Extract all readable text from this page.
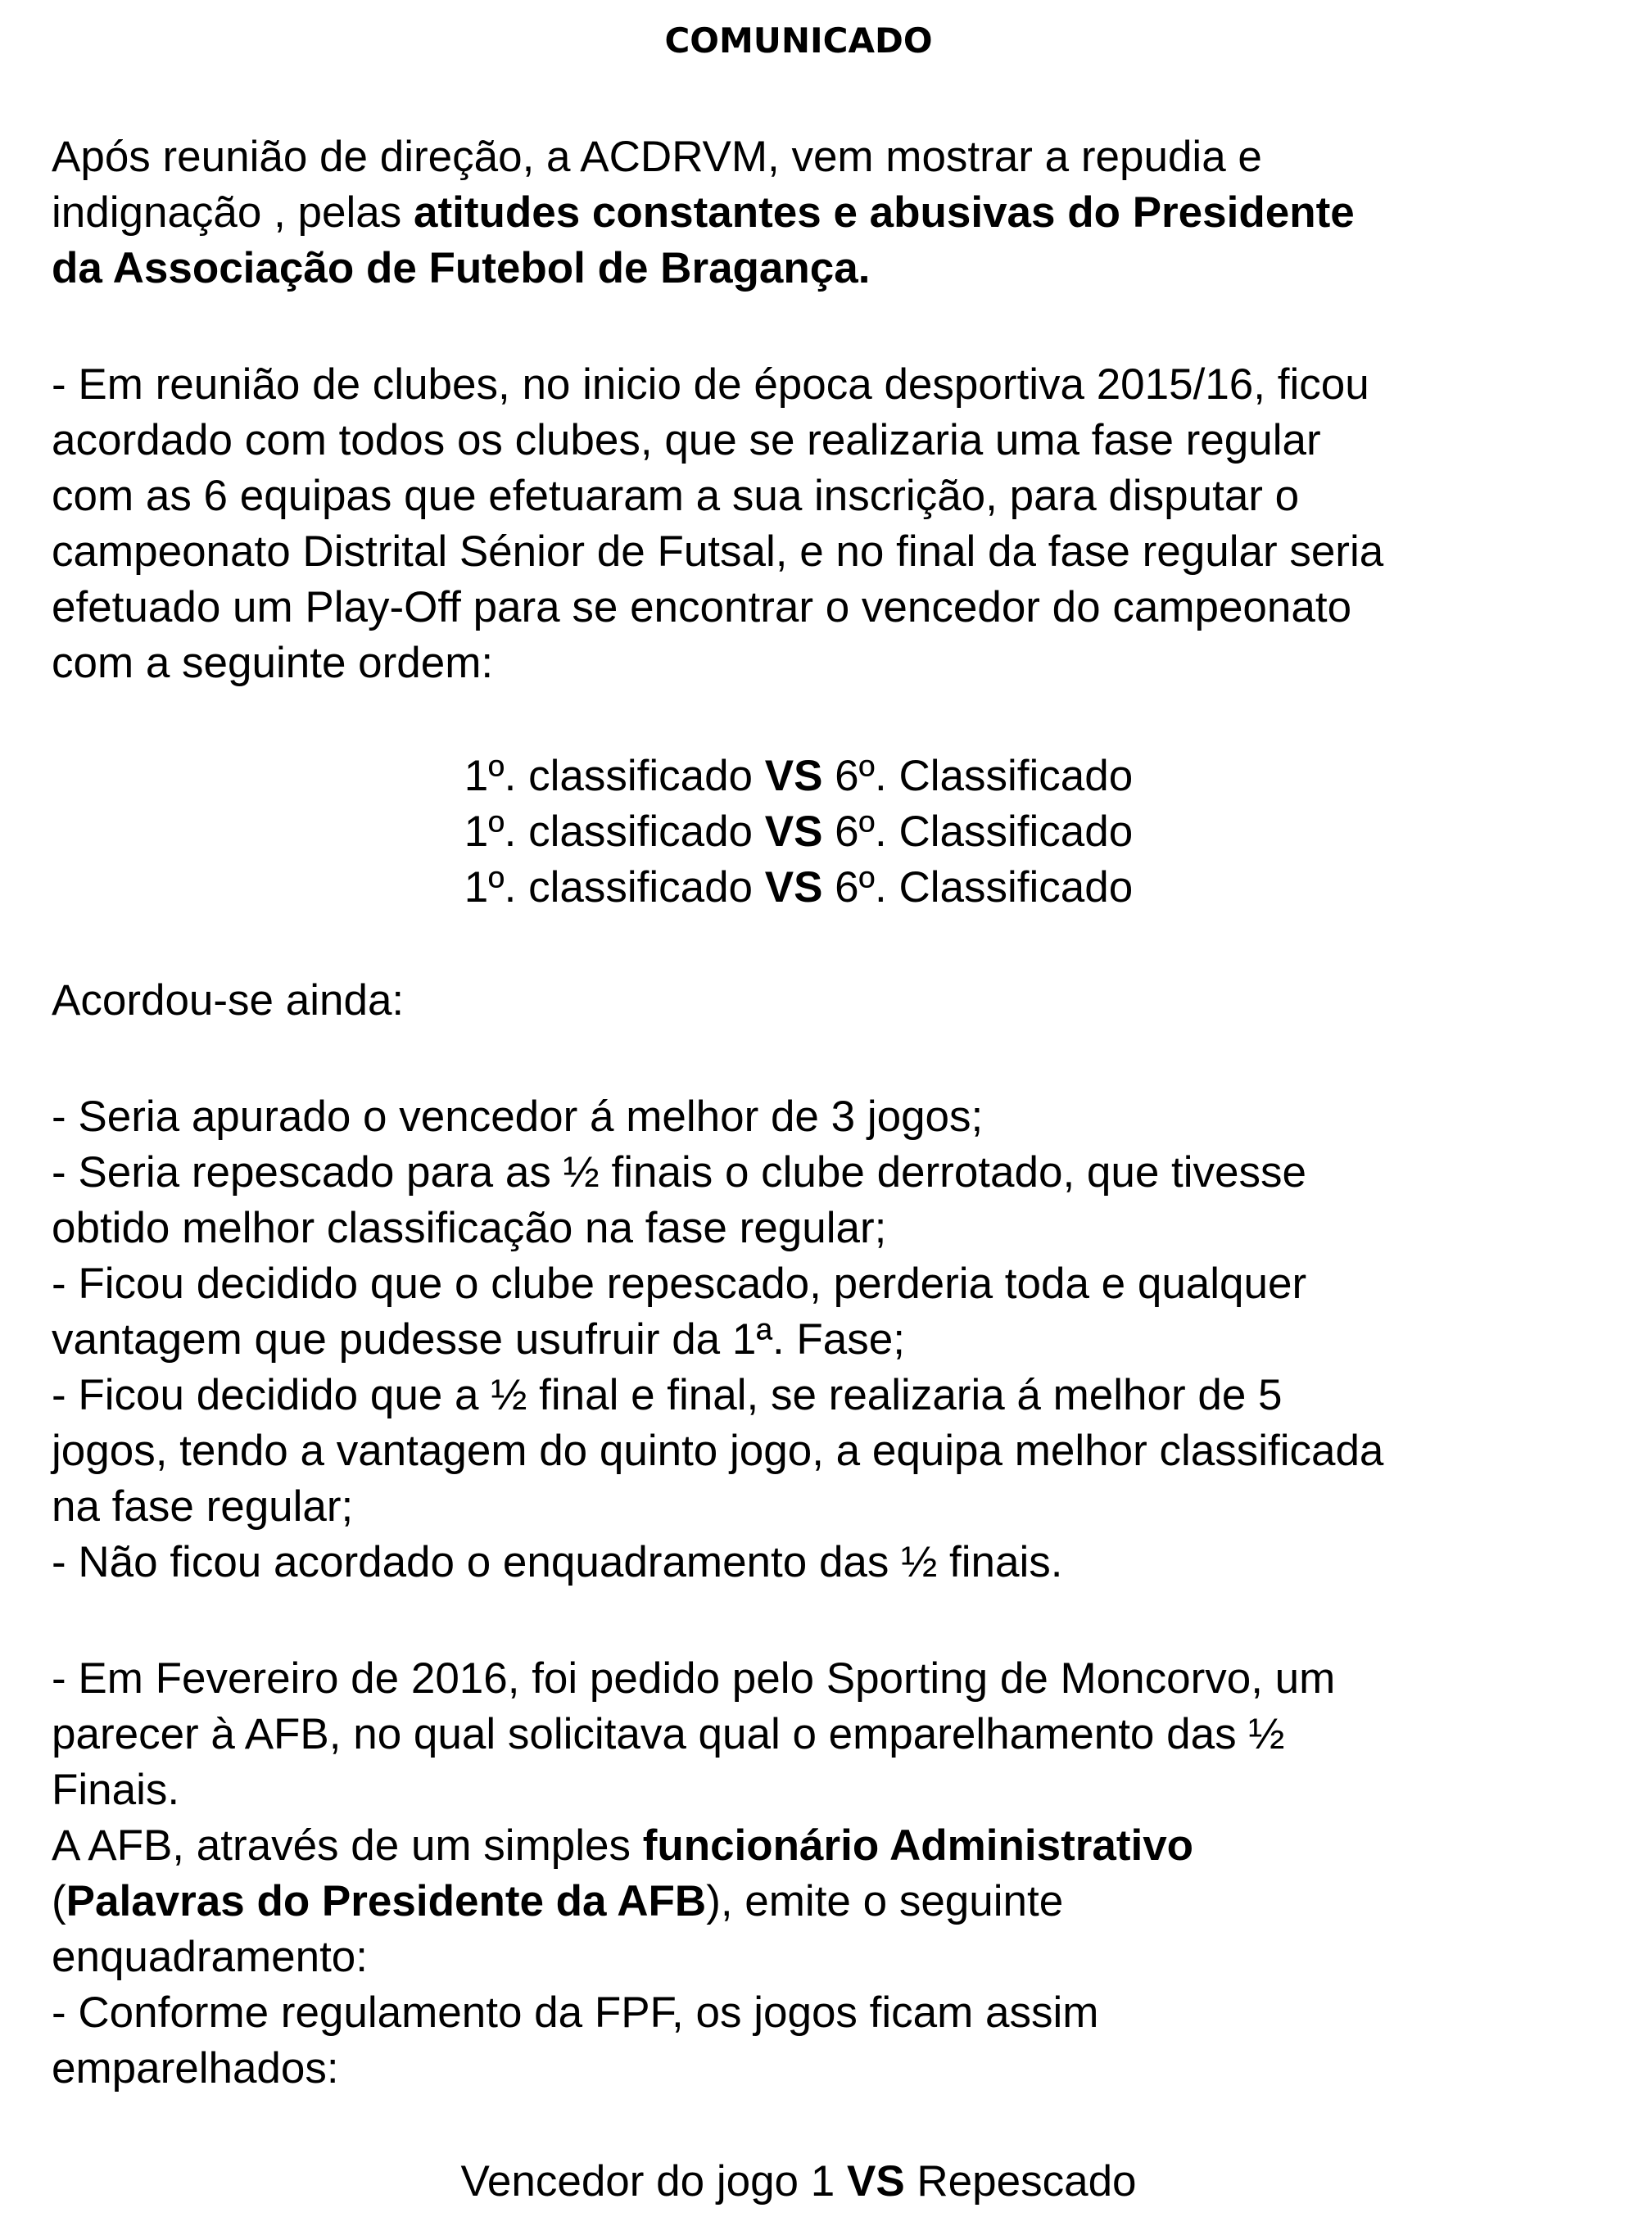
COMUNICADO
Após reunião de direção, a ACDRVM, vem mostrar a repudia e
indignação , pelas atitudes constantes e abusivas do Presidente
da Associação de Futebol de Bragança.
- Em reunião de clubes, no inicio de época desportiva 2015/16, ficou
acordado com todos os clubes, que se realizaria uma fase regular
com as 6 equipas que efetuaram a sua inscrição, para disputar o
campeonato Distrital Sénior de Futsal, e no final da fase regular seria
efetuado um Play-Off para se encontrar o vencedor do campeonato
com a seguinte ordem:
1º. classificado VS 6º. Classificado
1º. classificado VS 6º. Classificado
1º. classificado VS 6º. Classificado
Acordou-se ainda:
- Seria apurado o vencedor á melhor de 3 jogos;
- Seria repescado para as ½ finais o clube derrotado, que tivesse
obtido melhor classificação na fase regular;
- Ficou decidido que o clube repescado, perderia toda e qualquer
vantagem que pudesse usufruir da 1ª. Fase;
- Ficou decidido que a ½ final e final, se realizaria á melhor de 5
jogos, tendo a vantagem do quinto jogo, a equipa melhor classificada
na fase regular;
- Não ficou acordado o enquadramento das ½ finais.
- Em Fevereiro de 2016, foi pedido pelo Sporting de Moncorvo, um
parecer à AFB, no qual solicitava qual o emparelhamento das ½
Finais.
A AFB, através de um simples funcionário Administrativo
(Palavras do Presidente da AFB), emite o seguinte
enquadramento:
- Conforme regulamento da FPF, os jogos ficam assim
emparelhados:
Vencedor do jogo 1 VS Repescado
